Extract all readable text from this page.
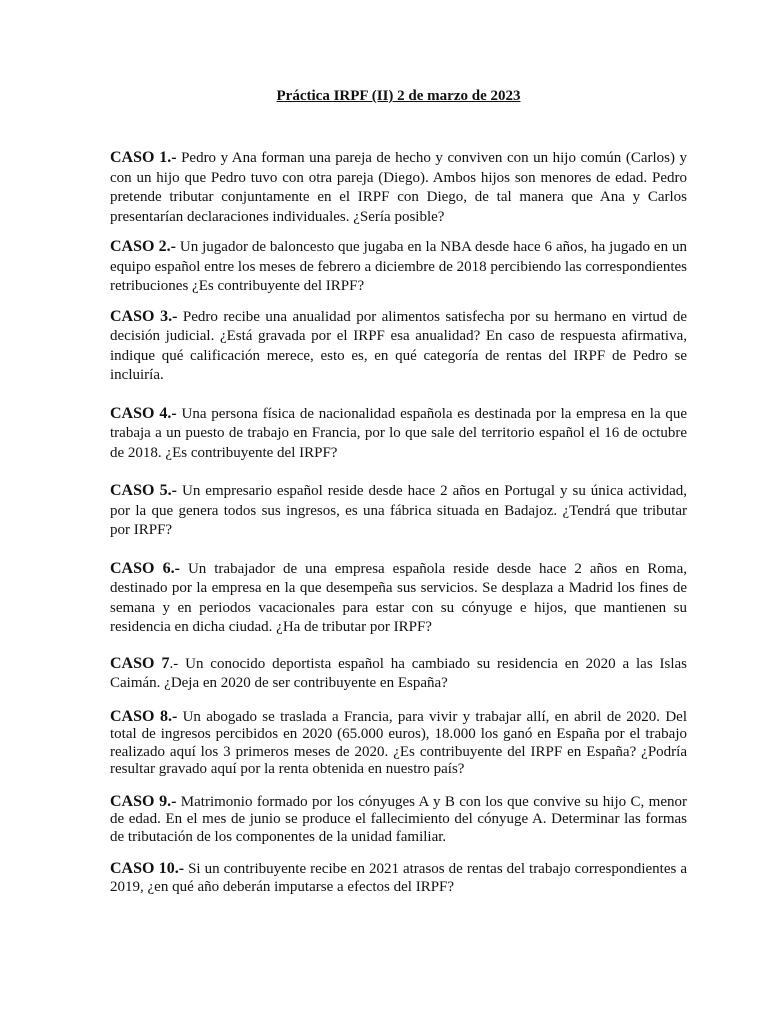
Práctica IRPF (II) 2 de marzo de 2023

CASO 1.- Pedro y Ana forman una pareja de hecho y conviven con un hijo común (Carlos) y con un hijo que Pedro tuvo con otra pareja (Diego). Ambos hijos son menores de edad. Pedro pretende tributar conjuntamente en el IRPF con Diego, de tal manera que Ana y Carlos presentarían declaraciones individuales. ¿Sería posible?

CASO 2.- Un jugador de baloncesto que jugaba en la NBA desde hace 6 años, ha jugado en un equipo español entre los meses de febrero a diciembre de 2018 percibiendo las correspondientes retribuciones ¿Es contribuyente del IRPF?

CASO 3.- Pedro recibe una anualidad por alimentos satisfecha por su hermano en virtud de decisión judicial. ¿Está gravada por el IRPF esa anualidad? En caso de respuesta afirmativa, indique qué calificación merece, esto es, en qué categoría de rentas del IRPF de Pedro se incluiría.

CASO 4.- Una persona física de nacionalidad española es destinada por la empresa en la que trabaja a un puesto de trabajo en Francia, por lo que sale del territorio español el 16 de octubre de 2018. ¿Es contribuyente del IRPF?

CASO 5.- Un empresario español reside desde hace 2 años en Portugal y su única actividad, por la que genera todos sus ingresos, es una fábrica situada en Badajoz. ¿Tendrá que tributar por IRPF?

CASO 6.- Un trabajador de una empresa española reside desde hace 2 años en Roma, destinado por la empresa en la que desempeña sus servicios. Se desplaza a Madrid los fines de semana y en periodos vacacionales para estar con su cónyuge e hijos, que mantienen su residencia en dicha ciudad. ¿Ha de tributar por IRPF?

CASO 7.- Un conocido deportista español ha cambiado su residencia en 2020 a las Islas Caimán. ¿Deja en 2020 de ser contribuyente en España?

CASO 8.- Un abogado se traslada a Francia, para vivir y trabajar allí, en abril de 2020. Del total de ingresos percibidos en 2020 (65.000 euros), 18.000 los ganó en España por el trabajo realizado aquí los 3 primeros meses de 2020. ¿Es contribuyente del IRPF en España? ¿Podría resultar gravado aquí por la renta obtenida en nuestro país?

CASO 9.- Matrimonio formado por los cónyuges A y B con los que convive su hijo C, menor de edad. En el mes de junio se produce el fallecimiento del cónyuge A. Determinar las formas de tributación de los componentes de la unidad familiar.

CASO 10.- Si un contribuyente recibe en 2021 atrasos de rentas del trabajo correspondientes a 2019, ¿en qué año deberán imputarse a efectos del IRPF?
